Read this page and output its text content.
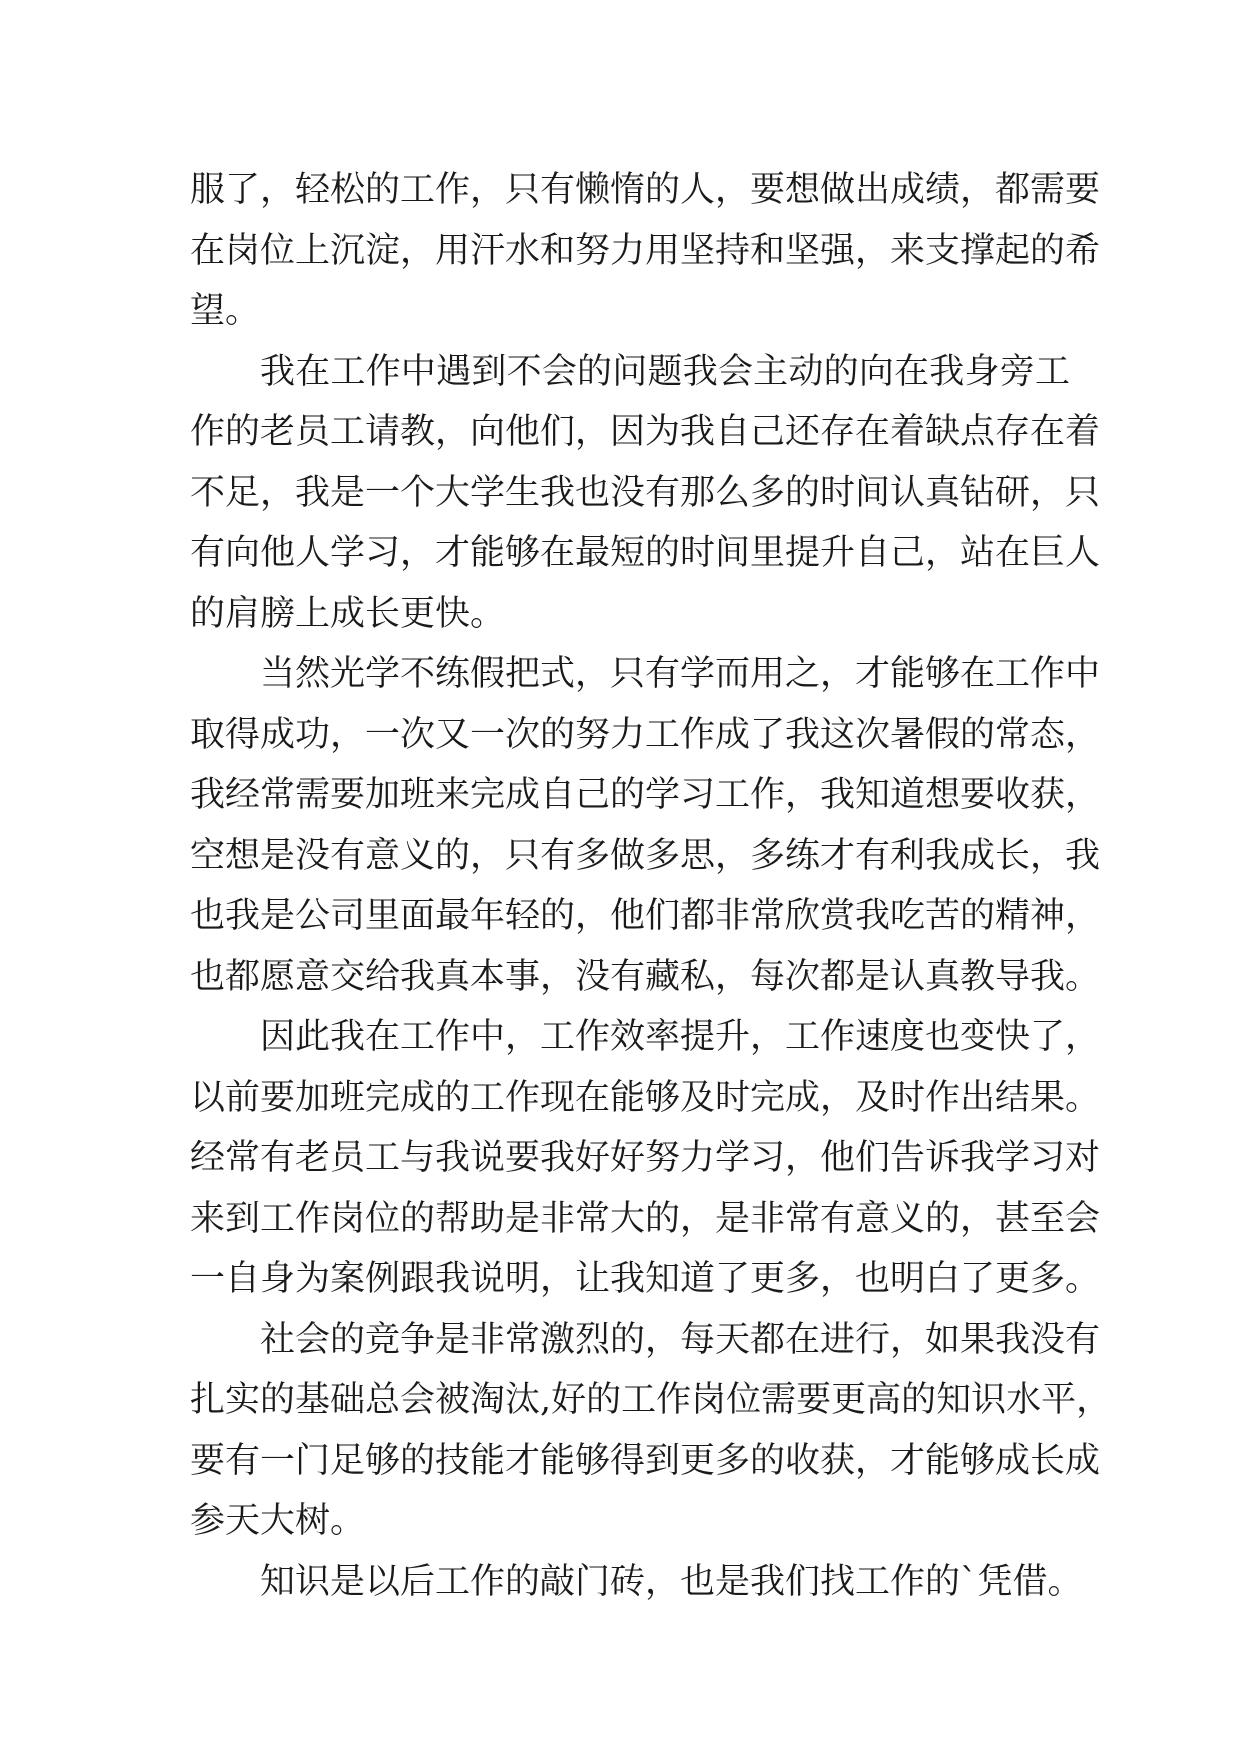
服了，轻松的工作，只有懒惰的人，要想做出成绩，都需要
在岗位上沉淀，用汗水和努力用坚持和坚强，来支撑起的希
望。
我在工作中遇到不会的问题我会主动的向在我身旁工
作的老员工请教，向他们，因为我自己还存在着缺点存在着
不足，我是一个大学生我也没有那么多的时间认真钻研，只
有向他人学习，才能够在最短的时间里提升自己，站在巨人
的肩膀上成长更快。
当然光学不练假把式，只有学而用之，才能够在工作中
取得成功，一次又一次的努力工作成了我这次暑假的常态，
我经常需要加班来完成自己的学习工作，我知道想要收获，
空想是没有意义的，只有多做多思，多练才有利我成长，我
也我是公司里面最年轻的，他们都非常欣赏我吃苦的精神，
也都愿意交给我真本事，没有藏私，每次都是认真教导我。
因此我在工作中，工作效率提升，工作速度也变快了，
以前要加班完成的工作现在能够及时完成，及时作出结果。
经常有老员工与我说要我好好努力学习，他们告诉我学习对
来到工作岗位的帮助是非常大的，是非常有意义的，甚至会
一自身为案例跟我说明，让我知道了更多，也明白了更多。
社会的竞争是非常激烈的，每天都在进行，如果我没有
扎实的基础总会被淘汰,好的工作岗位需要更高的知识水平，
要有一门足够的技能才能够得到更多的收获，才能够成长成
参天大树。
知识是以后工作的敲门砖，也是我们找工作的`凭借。
